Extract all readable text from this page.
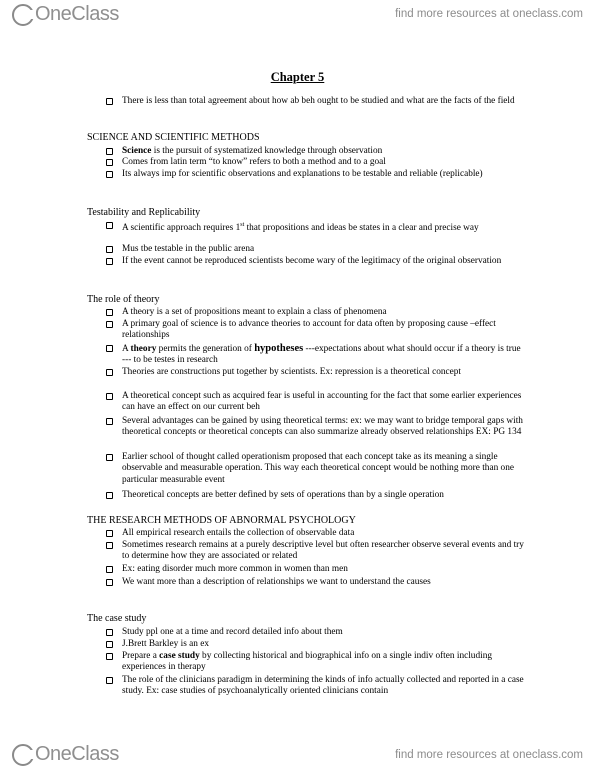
OneClass	find more resources at oneclass.com
Chapter 5
There is less than total agreement about how ab beh ought to be studied and what are the facts of the field
SCIENCE AND SCIENTIFIC METHODS
Science is the pursuit of systematized knowledge through observation
Comes from latin term “to know” refers to both a method and to a goal
Its always imp for scientific observations and explanations to be testable and reliable (replicable)
Testability and Replicability
A scientific approach requires 1st that propositions and ideas be states in a clear and precise way
Mus tbe testable in the public arena
If the event cannot be reproduced scientists become wary of the legitimacy of the original observation
The role of theory
A theory is a set of propositions meant to explain a class of phenomena
A primary goal of science is to advance theories to account for data often by proposing cause –effect relationships
A theory permits the generation of hypotheses ---expectations about what should occur if a theory is true --- to be testes in research
Theories are constructions put together by scientists. Ex: repression is a theoretical concept
A theoretical concept such as acquired fear is useful in accounting for the fact that some earlier experiences can have an effect on our current beh
Several advantages can be gained by using theoretical terms: ex: we may want to bridge temporal gaps with theoretical concepts or theoretical concepts can also summarize already observed relationships EX: PG 134
Earlier school of thought called operationism proposed that each concept take as its meaning a single observable and measurable operation. This way each theoretical concept would be nothing more than one particular measurable event
Theoretical concepts are better defined by sets of operations than by a single operation
THE RESEARCH METHODS OF ABNORMAL PSYCHOLOGY
All empirical research entails the collection of observable data
Sometimes research remains at a purely descriptive level but often researcher observe several events and try to determine how they are associated or related
Ex: eating disorder much more common in women than men
We want more than a description of relationships we want to understand the causes
The case study
Study ppl one at a time and record detailed info about them
J.Brett Barkley is an ex
Prepare a case study by collecting historical and biographical info on a single indiv often including experiences in therapy
The role of the clinicians paradigm in determining the kinds of info actually collected and reported in a case study. Ex: case studies of psychoanalytically oriented clinicians contain
OneClass	find more resources at oneclass.com
